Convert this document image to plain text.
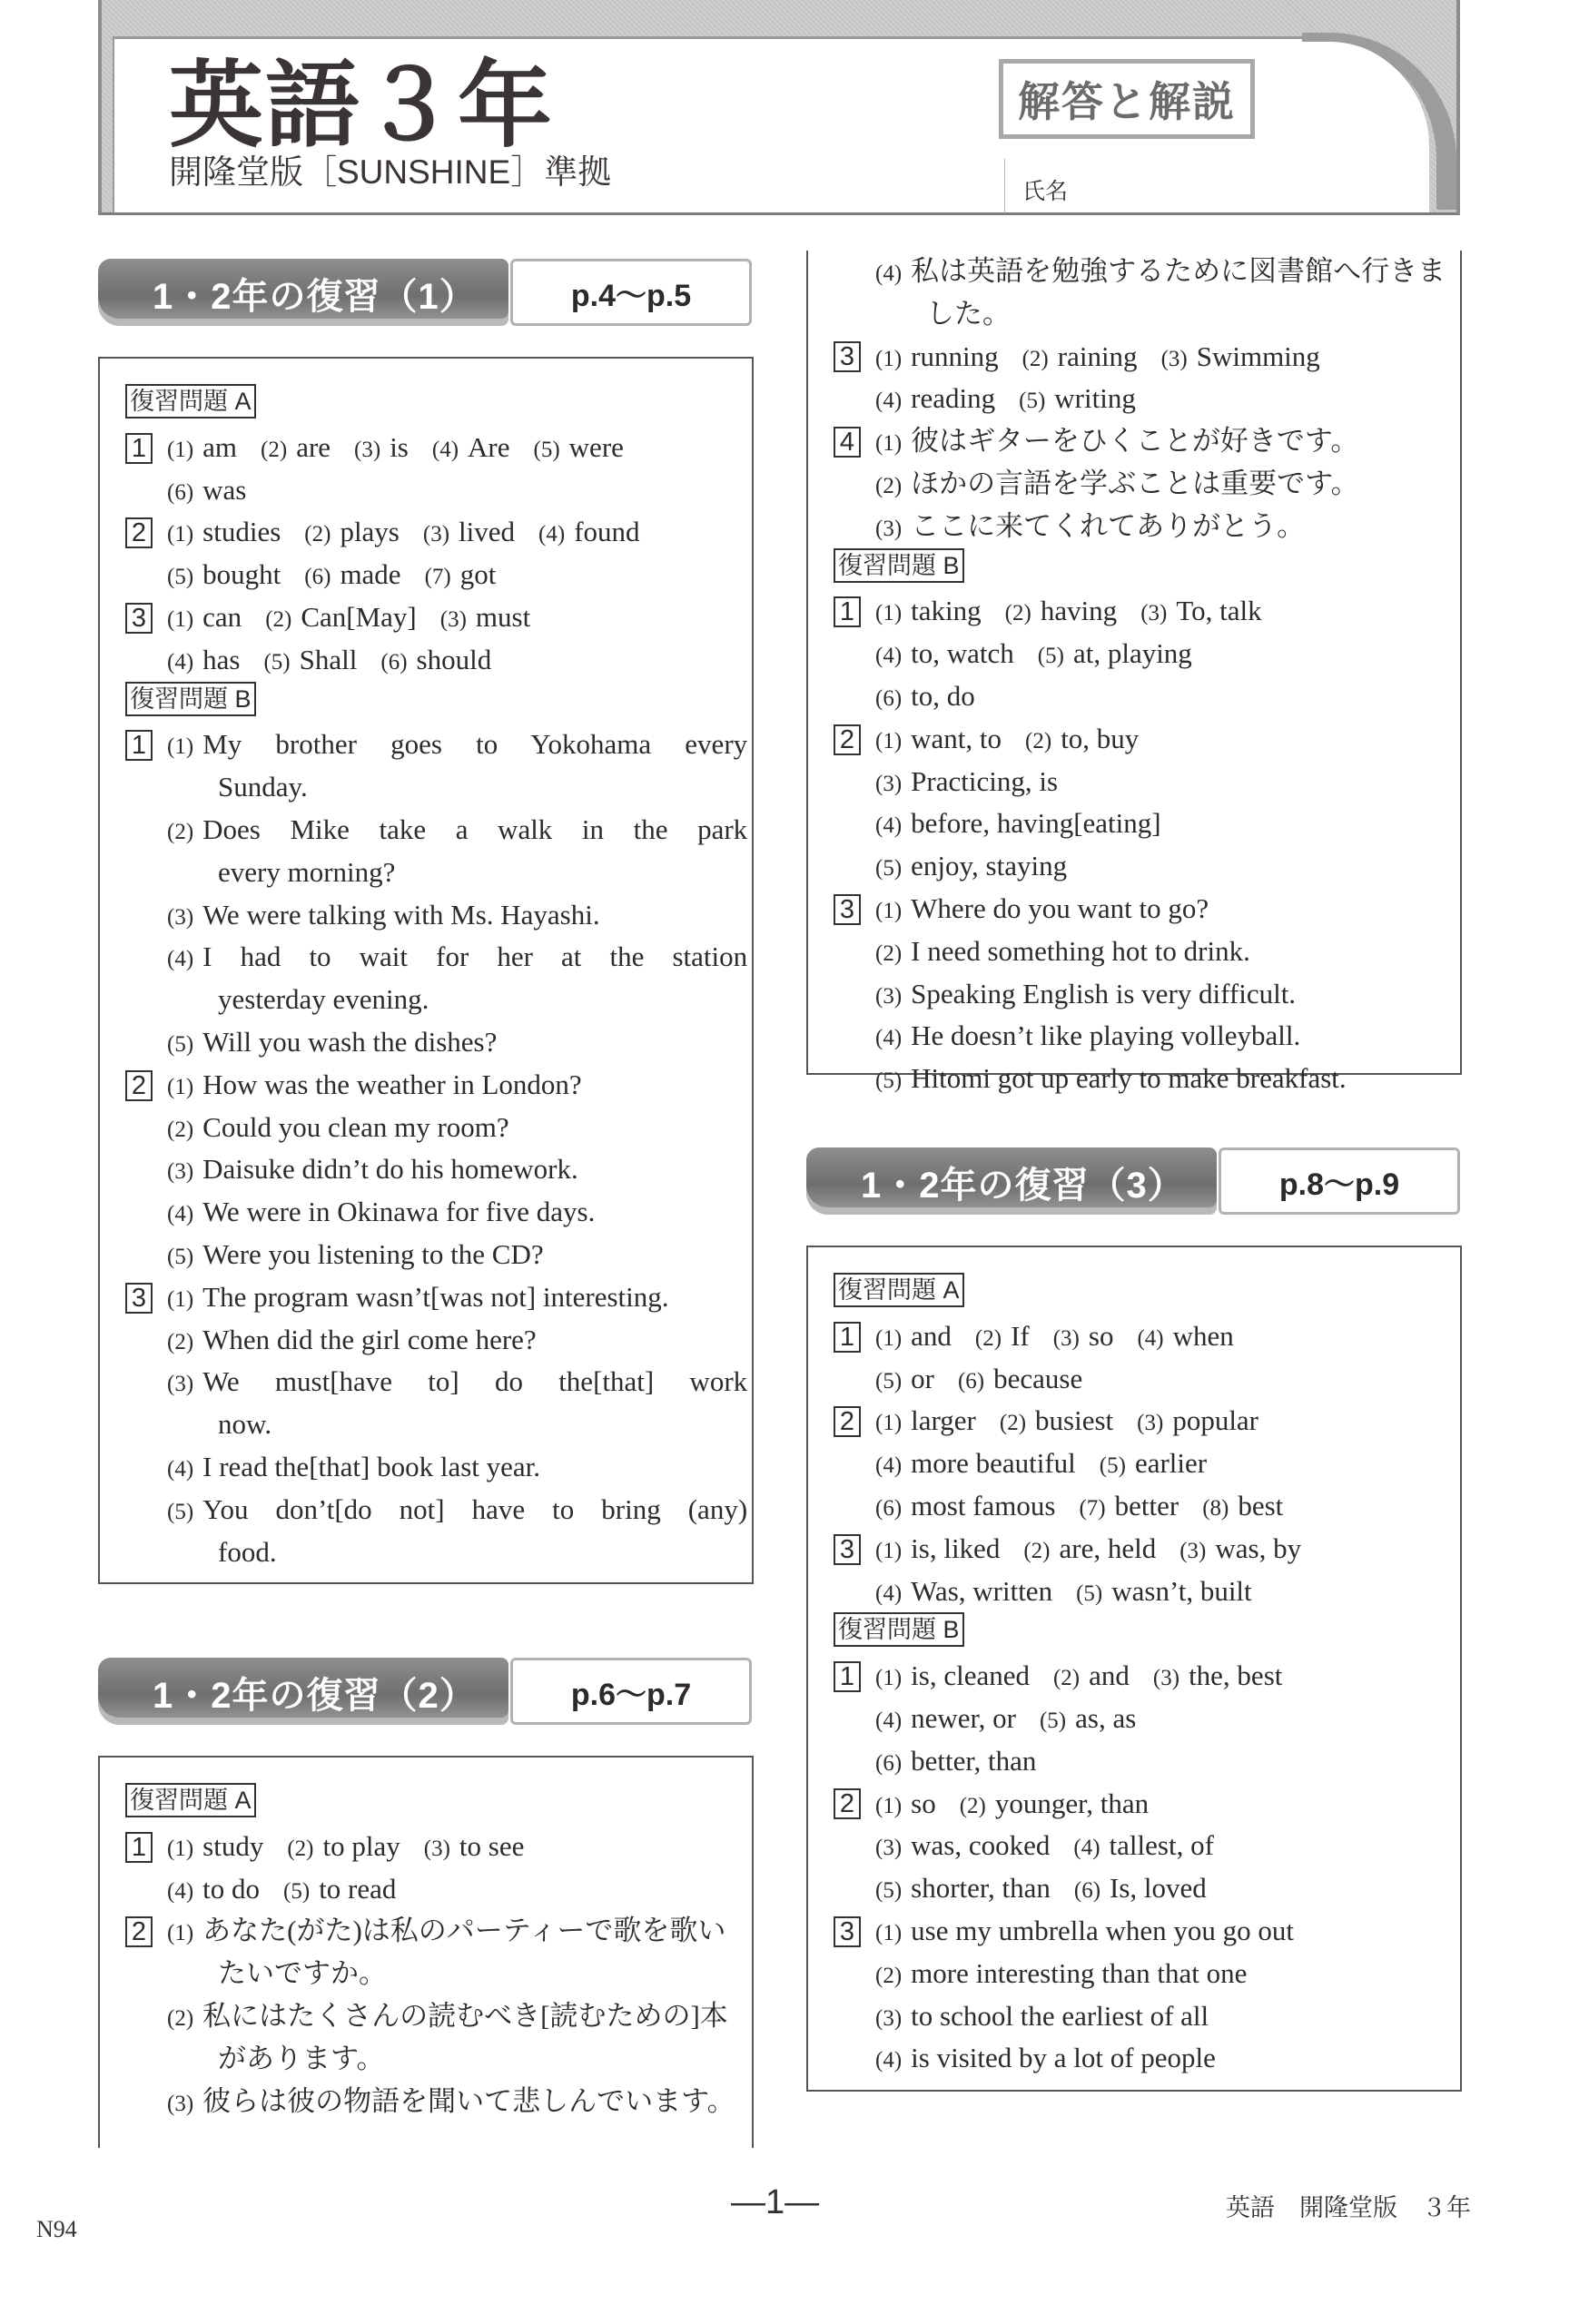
英語３年
開隆堂版［SUNSHINE］準拠
解答と解説
氏名
1・2年の復習（1）	p.4〜p.5
復習問題 A
1 (1) am (2) are (3) is (4) Are (5) were
(6) was
2 (1) studies (2) plays (3) lived (4) found
(5) bought (6) made (7) got
3 (1) can (2) Can[May] (3) must
(4) has (5) Shall (6) should
復習問題 B
1 (1) My brother goes to Yokohama every
Sunday.
(2) Does Mike take a walk in the park
every morning?
(3) We were talking with Ms. Hayashi.
(4) I had to wait for her at the station
yesterday evening.
(5) Will you wash the dishes?
2 (1) How was the weather in London?
(2) Could you clean my room?
(3) Daisuke didn’t do his homework.
(4) We were in Okinawa for five days.
(5) Were you listening to the CD?
3 (1) The program wasn’t[was not] interesting.
(2) When did the girl come here?
(3) We must[have to] do the[that] work
now.
(4) I read the[that] book last year.
(5) You don’t[do not] have to bring (any)
food.
1・2年の復習（2）	p.6〜p.7
復習問題 A
1 (1) study (2) to play (3) to see
(4) to do (5) to read
2 (1) あなた(がた)は私のパーティーで歌を歌い
たいですか。
(2) 私にはたくさんの読むべき[読むための]本
があります。
(3) 彼らは彼の物語を聞いて悲しんでいます。
(4) 私は英語を勉強するために図書館へ行きま
した。
3 (1) running (2) raining (3) Swimming
(4) reading (5) writing
4 (1) 彼はギターをひくことが好きです。
(2) ほかの言語を学ぶことは重要です。
(3) ここに来てくれてありがとう。
復習問題 B
1 (1) taking (2) having (3) To, talk
(4) to, watch (5) at, playing
(6) to, do
2 (1) want, to (2) to, buy
(3) Practicing, is
(4) before, having[eating]
(5) enjoy, staying
3 (1) Where do you want to go?
(2) I need something hot to drink.
(3) Speaking English is very difficult.
(4) He doesn’t like playing volleyball.
(5) Hitomi got up early to make breakfast.
1・2年の復習（3）	p.8〜p.9
復習問題 A
1 (1) and (2) If (3) so (4) when
(5) or (6) because
2 (1) larger (2) busiest (3) popular
(4) more beautiful (5) earlier
(6) most famous (7) better (8) best
3 (1) is, liked (2) are, held (3) was, by
(4) Was, written (5) wasn’t, built
復習問題 B
1 (1) is, cleaned (2) and (3) the, best
(4) newer, or (5) as, as
(6) better, than
2 (1) so (2) younger, than
(3) was, cooked (4) tallest, of
(5) shorter, than (6) Is, loved
3 (1) use my umbrella when you go out
(2) more interesting than that one
(3) to school the earliest of all
(4) is visited by a lot of people
—1—
N94
英語　開隆堂版　３年
